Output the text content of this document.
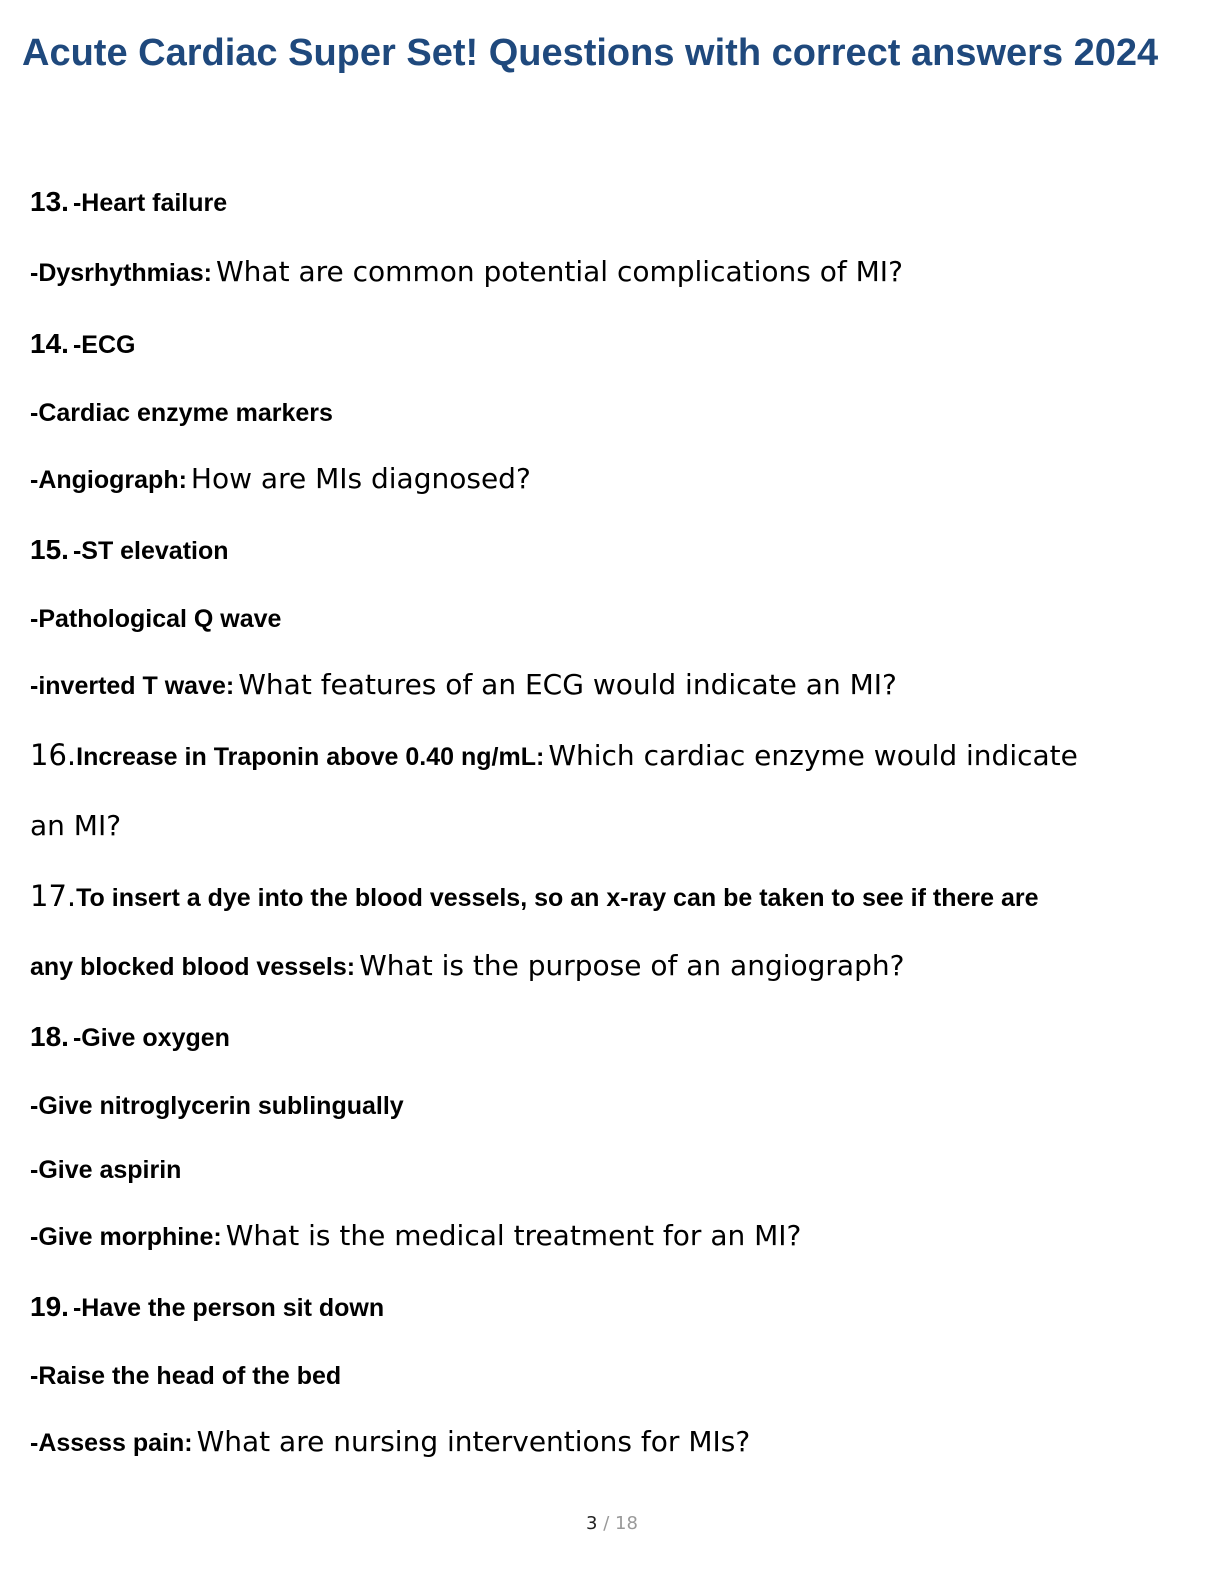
Acute Cardiac Super Set! Questions with correct answers 2024
13. -Heart failure
-Dysrhythmias: What are common potential complications of MI?
14. -ECG
-Cardiac enzyme markers
-Angiograph: How are MIs diagnosed?
15. -ST elevation
-Pathological Q wave
-inverted T wave: What features of an ECG would indicate an MI?
16.Increase in Traponin above 0.40 ng/mL: Which cardiac enzyme would indicate
an MI?
17.To insert a dye into the blood vessels, so an x-ray can be taken to see if there are
any blocked blood vessels: What is the purpose of an angiograph?
18. -Give oxygen
-Give nitroglycerin sublingually
-Give aspirin
-Give morphine: What is the medical treatment for an MI?
19. -Have the person sit down
-Raise the head of the bed
-Assess pain: What are nursing interventions for MIs?
3 / 18
